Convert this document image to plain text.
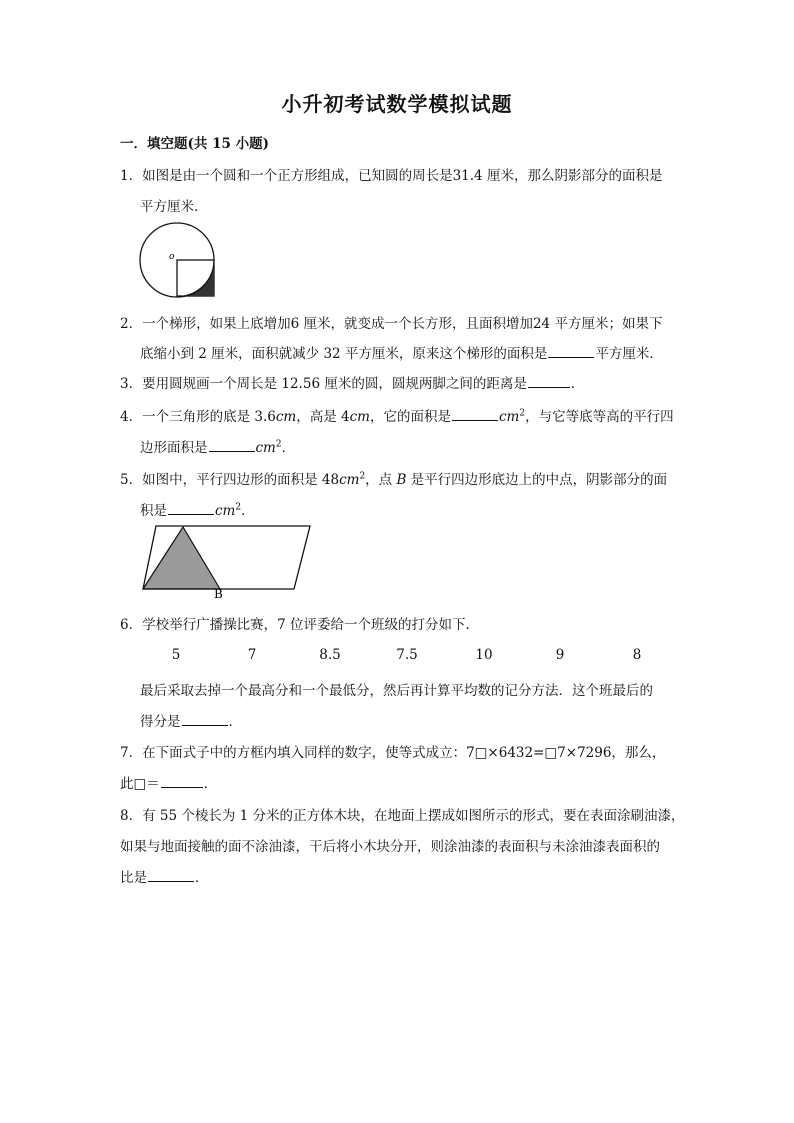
小升初考试数学模拟试题
一．填空题(共 15 小题)
1．如图是由一个圆和一个正方形组成，已知圆的周长是31.4 厘米，那么阴影部分的面积是
平方厘米．
o
2．一个梯形，如果上底增加6 厘米，就变成一个长方形，且面积增加24 平方厘米；如果下
底缩小到 2 厘米，面积就减少 32 平方厘米，原来这个梯形的面积是	平方厘米．
3．要用圆规画一个周长是 12.56 厘米的圆，圆规两脚之间的距离是	．
4．一个三角形的底是 3.6cm，高是 4cm，它的面积是	$cm^2$，与它等底等高的平行四
边形面积是	$cm^2$．
5．如图中，平行四边形的面积是 $48cm^2$，点 B 是平行四边形底边上的中点，阴影部分的面
积是	$cm^2$．
B
6．学校举行广播操比赛，7 位评委给一个班级的打分如下．
5	7	8.5	7.5	10	9	8
最后采取去掉一个最高分和一个最低分，然后再计算平均数的记分方法．这个班最后的
得分是	．
7．在下面式子中的方框内填入同样的数字，使等式成立：7□×6432=□7×7296，那么，
此□＝	．
8．有 55 个棱长为 1 分米的正方体木块，在地面上摆成如图所示的形式，要在表面涂刷油漆，
如果与地面接触的面不涂油漆，干后将小木块分开，则涂油漆的表面积与未涂油漆表面积的
比是	．
